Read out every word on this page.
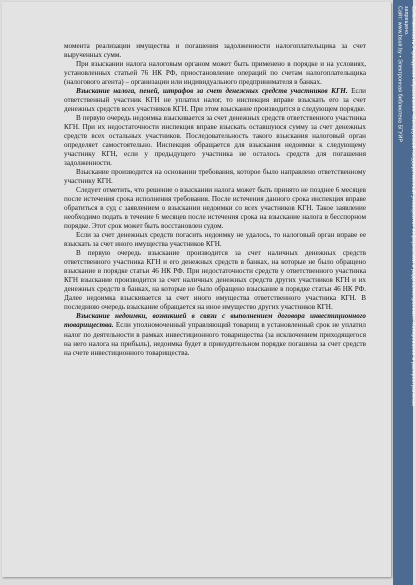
момента реализации имущества и погашения задолженности налогоплательщика за счет вырученных сумм.

При взыскании налога налоговым органом может быть применено в порядке и на условиях, установленных статьей 76 НК РФ, приостановление операций по счетам налогоплательщика (налогового агента) – организации или индивидуального предпринимателя в банках.

Взыскание налога, пеней, штрафов за счет денежных средств участников КГН. Если ответственный участник КГН не уплатил налог, то инспекция вправе взыскать его за счет денежных средств всех участников КГН. При этом взыскание производится в следующем порядке.

В первую очередь недоимка взыскивается за счет денежных средств ответственного участника КГН. При их недостаточности инспекция вправе взыскать оставшуюся сумму за счет денежных средств всех остальных участников. Последовательность такого взыскания налоговый орган определяет самостоятельно. Инспекция обращается для взыскания недоимки к следующему участнику КГН, если у предыдущего участника не осталось средств для погашения задолженности.

Взыскание производится на основании требования, которое было направлено ответственному участнику КГН.

Следует отметить, что решение о взыскании налога может быть принято не позднее 6 месяцев после истечения срока исполнения требования. После истечения данного срока инспекция вправе обратиться в суд с заявлением о взыскании недоимки со всех участников КГН. Такое заявление необходимо подать в течение 6 месяцев после истечения срока на взыскание налога в бесспорном порядке. Этот срок может быть восстановлен судом.

Если за счет денежных средств погасить недоимку не удалось, то налоговый орган вправе ее взыскать за счет иного имущества участников КГН.

В первую очередь взыскание производится за счет наличных денежных средств ответственного участника КГН и его денежных средств в банках, на которые не было обращено взыскание в порядке статьи 46 НК РФ. При недостаточности средств у ответственного участника КГН взыскание производится за счет наличных денежных средств других участников КГН и их денежных средств в банках, на которые не было обращено взыскание в порядке статьи 46 НК РФ. Далее недоимка взыскивается за счет иного имущества ответственного участника КГН. В последнюю очередь взыскание обращается на иное имущество других участников КГН.

Взыскание недоимки, возникшей в связи с выполнением договора инвестиционного товарищества. Если уполномоченный управляющий товарищ в установленный срок не уплатил налог по деятельности в рамках инвестиционного товарищества (за исключением приходящегося на него налога на прибыль), недоимка будет в принудительном порядке погашена за счет средств на счете инвестиционного товарищества.	Собственность Учреждения образования «Белорусский государственный университет информатики и радиоэлектроники». Копирование и распространение запрещено.
Сайт: www.bsuir.by • Электронная библиотека БГУИР
